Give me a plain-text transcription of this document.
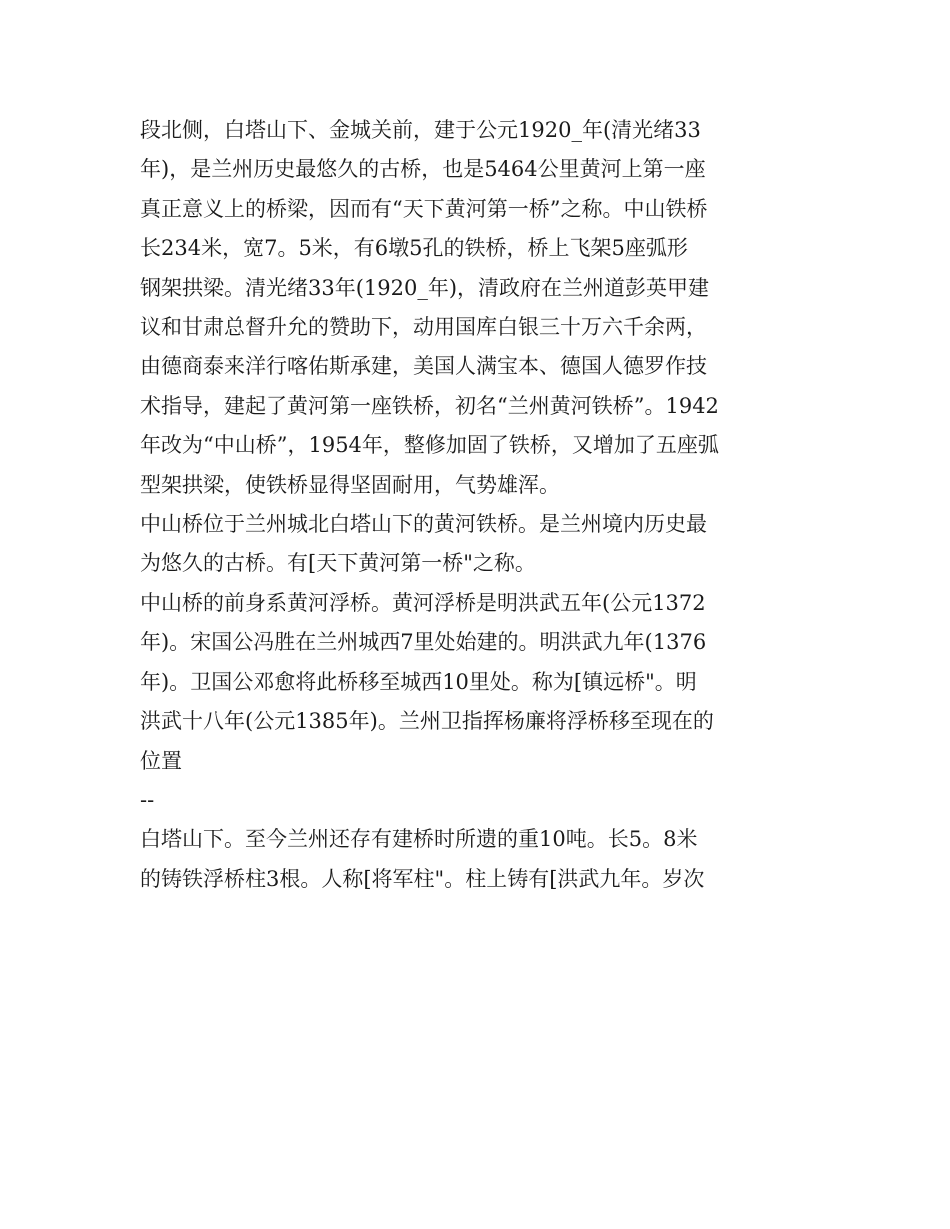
段北侧，白塔山下、金城关前，建于公元1920_年(清光绪33
年)，是兰州历史最悠久的古桥，也是5464公里黄河上第一座
真正意义上的桥梁，因而有“天下黄河第一桥”之称。中山铁桥
长234米，宽7。5米，有6墩5孔的铁桥，桥上飞架5座弧形
钢架拱梁。清光绪33年(1920_年)，清政府在兰州道彭英甲建
议和甘肃总督升允的赞助下，动用国库白银三十万六千余两，
由德商泰来洋行喀佑斯承建，美国人满宝本、德国人德罗作技
术指导，建起了黄河第一座铁桥，初名“兰州黄河铁桥”。1942
年改为“中山桥”，1954年，整修加固了铁桥，又增加了五座弧
型架拱梁，使铁桥显得坚固耐用，气势雄浑。

中山桥位于兰州城北白塔山下的黄河铁桥。是兰州境内历史最
为悠久的古桥。有[天下黄河第一桥"之称。

中山桥的前身系黄河浮桥。黄河浮桥是明洪武五年(公元1372
年)。宋国公冯胜在兰州城西7里处始建的。明洪武九年(1376
年)。卫国公邓愈将此桥移至城西10里处。称为[镇远桥"。明
洪武十八年(公元1385年)。兰州卫指挥杨廉将浮桥移至现在的
位置

--

白塔山下。至今兰州还存有建桥时所遗的重10吨。长5。8米
的铸铁浮桥柱3根。人称[将军柱"。柱上铸有[洪武九年。岁次
